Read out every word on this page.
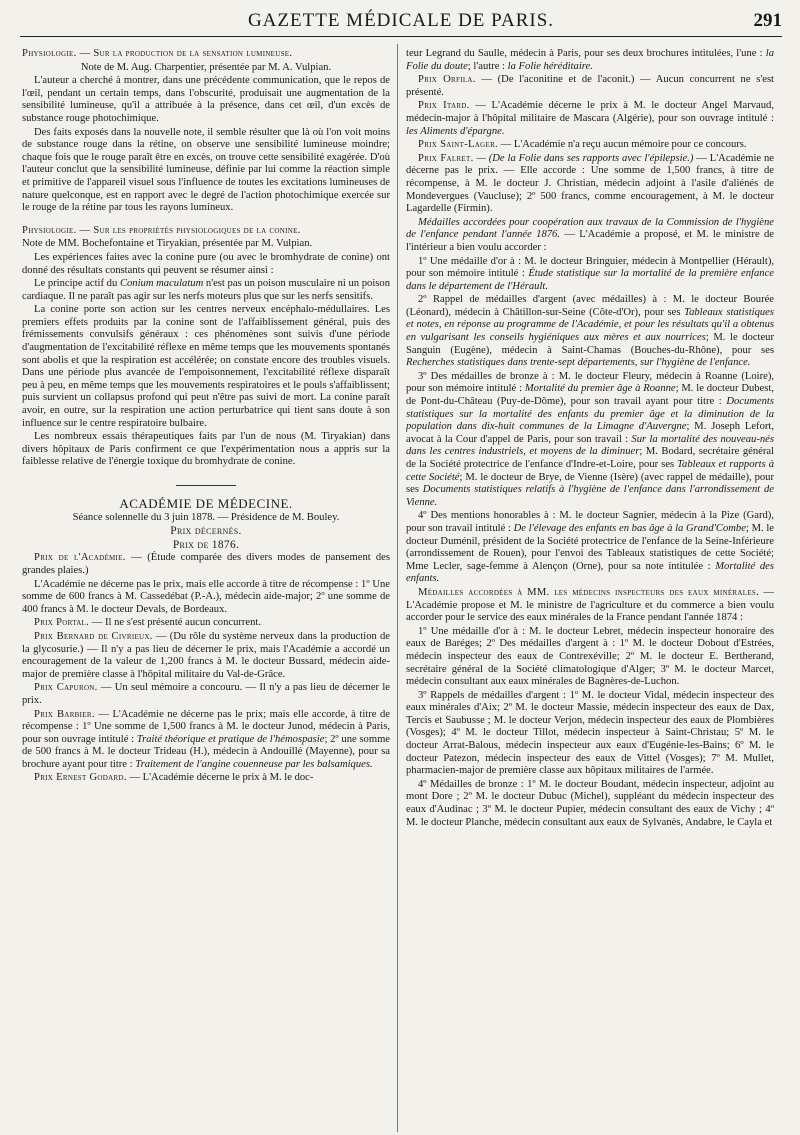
GAZETTE MÉDICALE DE PARIS.	291

Physiologie. — Sur la production de la sensation lumineuse.

Note de M. Aug. Charpentier, présentée par M. A. Vulpian.

L'auteur a cherché à montrer, dans une précédente communication, que le repos de l'œil, pendant un certain temps, dans l'obscurité, produisait une augmentation de la sensibilité lumineuse, qu'il a attribuée à la présence, dans cet œil, d'un excès de substance rouge photochimique.

Des faits exposés dans la nouvelle note, il semble résulter que là où l'on voit moins de substance rouge dans la rétine, on observe une sensibilité lumineuse moindre; chaque fois que le rouge paraît être en excès, on trouve cette sensibilité exagérée. D'où l'auteur conclut que la sensibilité lumineuse, définie par lui comme la réaction simple et primitive de l'appareil visuel sous l'influence de toutes les excitations lumineuses de nature quelconque, est en rapport avec le degré de l'action photochimique exercée sur le rouge de la rétine par tous les rayons lumineux.

Physiologie. — Sur les propriétés physiologiques de la conine.

Note de MM. Bochefontaine et Tiryakian, présentée par M. Vulpian.

Les expériences faites avec la conine pure (ou avec le bromhydrate de conine) ont donné des résultats constants qui peuvent se résumer ainsi :

Le principe actif du Conium maculatum n'est pas un poison musculaire ni un poison cardiaque. Il ne paraît pas agir sur les nerfs moteurs plus que sur les nerfs sensitifs.

La conine porte son action sur les centres nerveux encéphalo-médullaires. Les premiers effets produits par la conine sont de l'affaiblissement général, puis des frémissements convulsifs généraux : ces phénomènes sont suivis d'une période d'augmentation de l'excitabilité réflexe en même temps que les mouvements spontanés sont abolis et que la respiration est accélérée; on constate encore des troubles visuels. Dans une période plus avancée de l'empoisonnement, l'excitabilité réflexe disparaît peu à peu, en même temps que les mouvements respiratoires et le pouls s'affaiblissent; puis survient un collapsus profond qui peut n'être pas suivi de mort. La conine paraît avoir, en outre, sur la respiration une action perturbatrice qui tient sans doute à son influence sur le centre respiratoire bulbaire.

Les nombreux essais thérapeutiques faits par l'un de nous (M. Tiryakian) dans divers hôpitaux de Paris confirment ce que l'expérimentation nous a appris sur la faiblesse relative de l'énergie toxique du bromhydrate de conine.

ACADÉMIE DE MÉDECINE.

Séance solennelle du 3 juin 1878. — Présidence de M. Bouley.

Prix décernés.

Prix de 1876.

Prix de l'Académie. — (Étude comparée des divers modes de pansement des grandes plaies.)

L'Académie ne décerne pas le prix, mais elle accorde à titre de récompense : 1º Une somme de 600 francs à M. Cassedébat (P.-A.), médecin aide-major; 2º une somme de 400 francs à M. le docteur Devals, de Bordeaux.

Prix Portal. — Il ne s'est présenté aucun concurrent.

Prix Bernard de Civrieux. — (Du rôle du système nerveux dans la production de la glycosurie.) — Il n'y a pas lieu de décerner le prix, mais l'Académie a accordé un encouragement de la valeur de 1,200 francs à M. le docteur Bussard, médecin aide-major de première classe à l'hôpital militaire du Val-de-Grâce.

Prix Capuron. — Un seul mémoire a concouru. — Il n'y a pas lieu de décerner le prix.

Prix Barbier. — L'Académie ne décerne pas le prix; mais elle accorde, à titre de récompense : 1º Une somme de 1,500 francs à M. le docteur Junod, médecin à Paris, pour son ouvrage intitulé : Traité théorique et pratique de l'hémospasie; 2º une somme de 500 francs à M. le docteur Trideau (H.), médecin à Andouillé (Mayenne), pour sa brochure ayant pour titre : Traitement de l'angine couenneuse par les balsamiques.

Prix Ernest Godard. — L'Académie décerne le prix à M. le doc-

teur Legrand du Saulle, médecin à Paris, pour ses deux brochures intitulées, l'une : la Folie du doute; l'autre : la Folie héréditaire.

Prix Orfila. — (De l'aconitine et de l'aconit.) — Aucun concurrent ne s'est présenté.

Prix Itard. — L'Académie décerne le prix à M. le docteur Angel Marvaud, médecin-major à l'hôpital militaire de Mascara (Algérie), pour son ouvrage intitulé : les Aliments d'épargne.

Prix Saint-Lager. — L'Académie n'a reçu aucun mémoire pour ce concours.

Prix Falret. — (De la Folie dans ses rapports avec l'épilepsie.) — L'Académie ne décerne pas le prix. — Elle accorde : Une somme de 1,500 francs, à titre de récompense, à M. le docteur J. Christian, médecin adjoint à l'asile d'aliénés de Mondevergues (Vaucluse); 2º 500 francs, comme encouragement, à M. le docteur Lagardelle (Firmin).

Médailles accordées pour coopération aux travaux de la Commission de l'hygiène de l'enfance pendant l'année 1876. — L'Académie a proposé, et M. le ministre de l'intérieur a bien voulu accorder :

1º Une médaille d'or à : M. le docteur Bringuier, médecin à Montpellier (Hérault), pour son mémoire intitulé : Étude statistique sur la mortalité de la première enfance dans le département de l'Hérault.

2º Rappel de médailles d'argent (avec médailles) à : M. le docteur Bourée (Léonard), médecin à Châtillon-sur-Seine (Côte-d'Or), pour ses Tableaux statistiques et notes, en réponse au programme de l'Académie, et pour les résultats qu'il a obtenus en vulgarisant les conseils hygiéniques aux mères et aux nourrices; M. le docteur Sanguin (Eugène), médecin à Saint-Chamas (Bouches-du-Rhône), pour ses Recherches statistiques dans trente-sept départements, sur l'hygiène de l'enfance.

3º Des médailles de bronze à : M. le docteur Fleury, médecin à Roanne (Loire), pour son mémoire intitulé : Mortalité du premier âge à Roanne; M. le docteur Dubest, de Pont-du-Château (Puy-de-Dôme), pour son travail ayant pour titre : Documents statistiques sur la mortalité des enfants du premier âge et la diminution de la population dans dix-huit communes de la Limagne d'Auvergne; M. Joseph Lefort, avocat à la Cour d'appel de Paris, pour son travail : Sur la mortalité des nouveau-nés dans les centres industriels, et moyens de la diminuer; M. Bodard, secrétaire général de la Société protectrice de l'enfance d'Indre-et-Loire, pour ses Tableaux et rapports à cette Société; M. le docteur de Brye, de Vienne (Isère) (avec rappel de médaille), pour ses Documents statistiques relatifs à l'hygiène de l'enfance dans l'arrondissement de Vienne.

4º Des mentions honorables à : M. le docteur Sagnier, médecin à la Pize (Gard), pour son travail intitulé : De l'élevage des enfants en bas âge à la Grand'Combe; M. le docteur Duménil, président de la Société protectrice de l'enfance de la Seine-Inférieure (arrondissement de Rouen), pour l'envoi des Tableaux statistiques de cette Société; Mme Lecler, sage-femme à Alençon (Orne), pour sa note intitulée : Mortalité des enfants.

Médailles accordées à MM. les médecins inspecteurs des eaux minérales. — L'Académie propose et M. le ministre de l'agriculture et du commerce a bien voulu accorder pour le service des eaux minérales de la France pendant l'année 1874 :

1º Une médaille d'or à : M. le docteur Lebret, médecin inspecteur honoraire des eaux de Baréges; 2º Des médailles d'argent à : 1º M. le docteur Dobout d'Estrées, médecin inspecteur des eaux de Contrexéville; 2º M. le docteur E. Bertherand, secrétaire général de la Société climatologique d'Alger; 3º M. le docteur Marcet, médecin consultant aux eaux minérales de Bagnères-de-Luchon.

3º Rappels de médailles d'argent : 1º M. le docteur Vidal, médecin inspecteur des eaux minérales d'Aix; 2º M. le docteur Massie, médecin inspecteur des eaux de Dax, Tercis et Saubusse ; M. le docteur Verjon, médecin inspecteur des eaux de Plombières (Vosges); 4º M. le docteur Tillot, médecin inspecteur à Saint-Christau; 5º M. le docteur Arrat-Balous, médecin inspecteur aux eaux d'Eugénie-les-Bains; 6º M. le docteur Patezon, médecin inspecteur des eaux de Vittel (Vosges); 7º M. Mullet, pharmacien-major de première classe aux hôpitaux militaires de l'armée.

4º Médailles de bronze : 1º M. le docteur Boudant, médecin inspecteur, adjoint au mont Dore ; 2º M. le docteur Dubuc (Michel), suppléant du médecin inspecteur des eaux d'Audinac ; 3º M. le docteur Pupier, médecin consultant des eaux de Vichy ; 4º M. le docteur Planche, médecin consultant aux eaux de Sylvanès, Andabre, le Cayla et
